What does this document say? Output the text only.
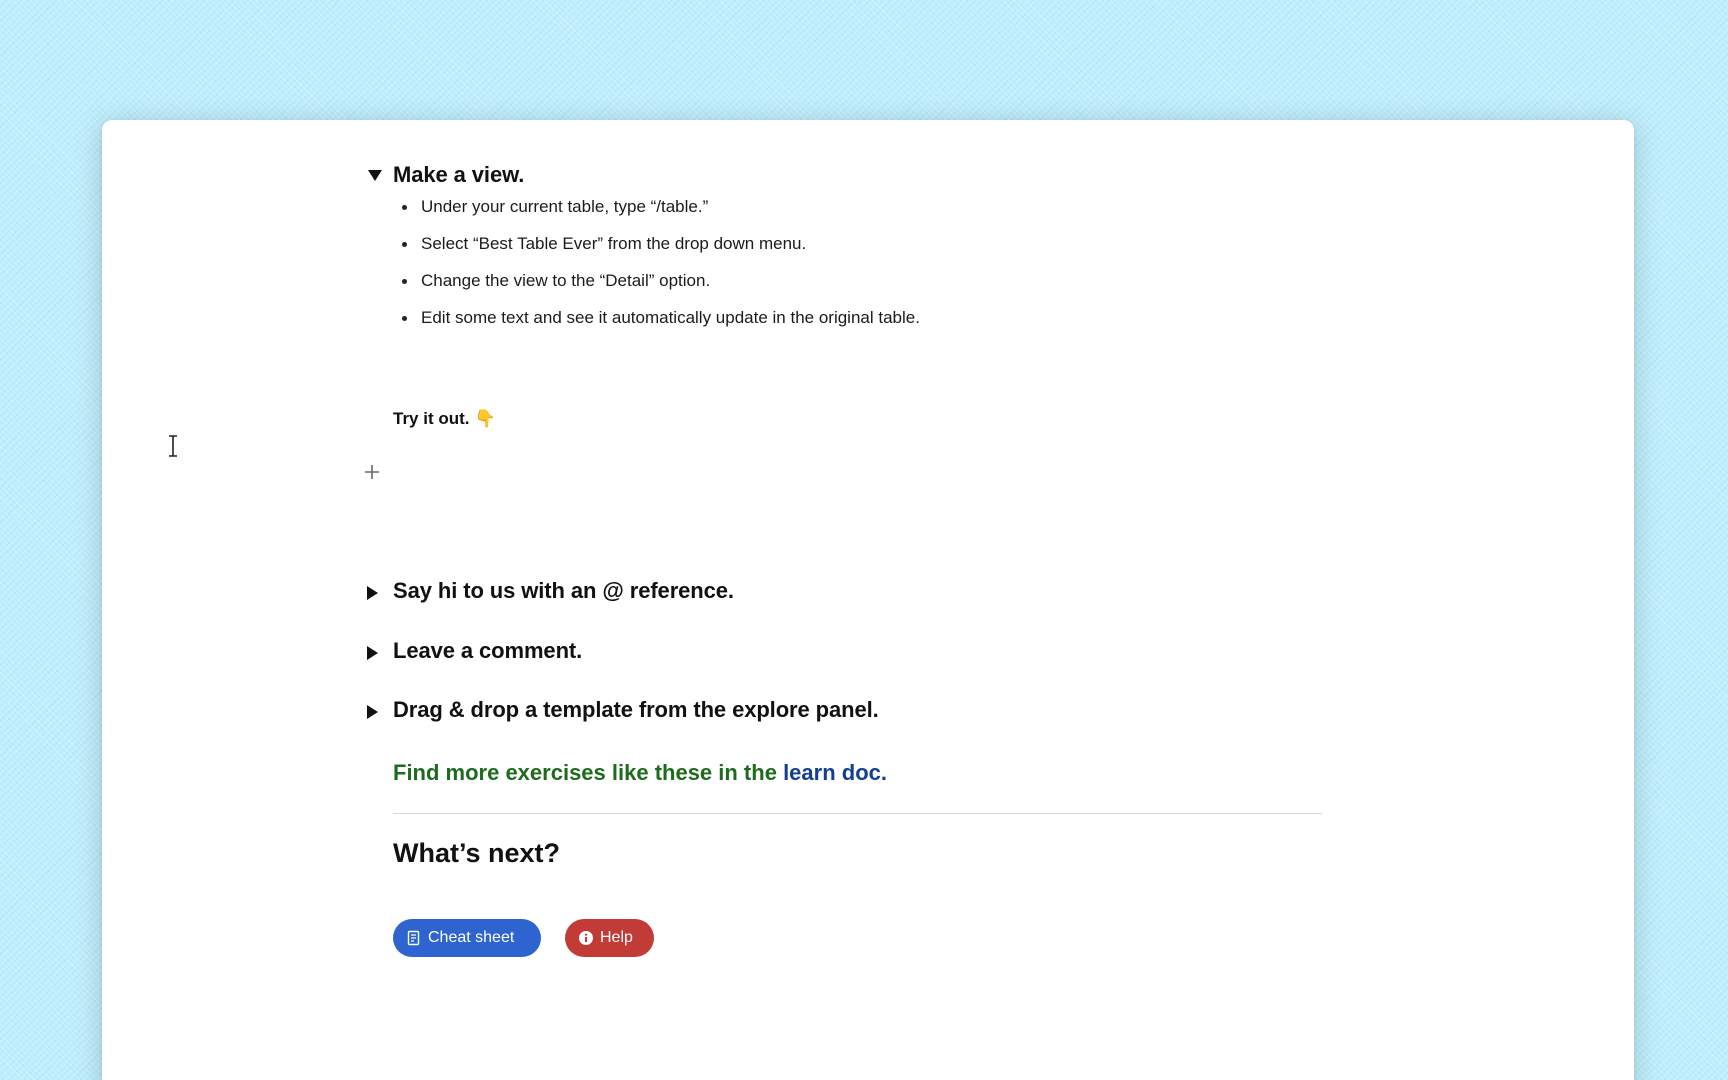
Make a view.
Under your current table, type “/table.”
Select “Best Table Ever” from the drop down menu.
Change the view to the “Detail” option.
Edit some text and see it automatically update in the original table.
Try it out. 👇
Say hi to us with an @ reference.
Leave a comment.
Drag & drop a template from the explore panel.
Find more exercises like these in the learn doc.
What’s next?
Cheat sheet	Help
